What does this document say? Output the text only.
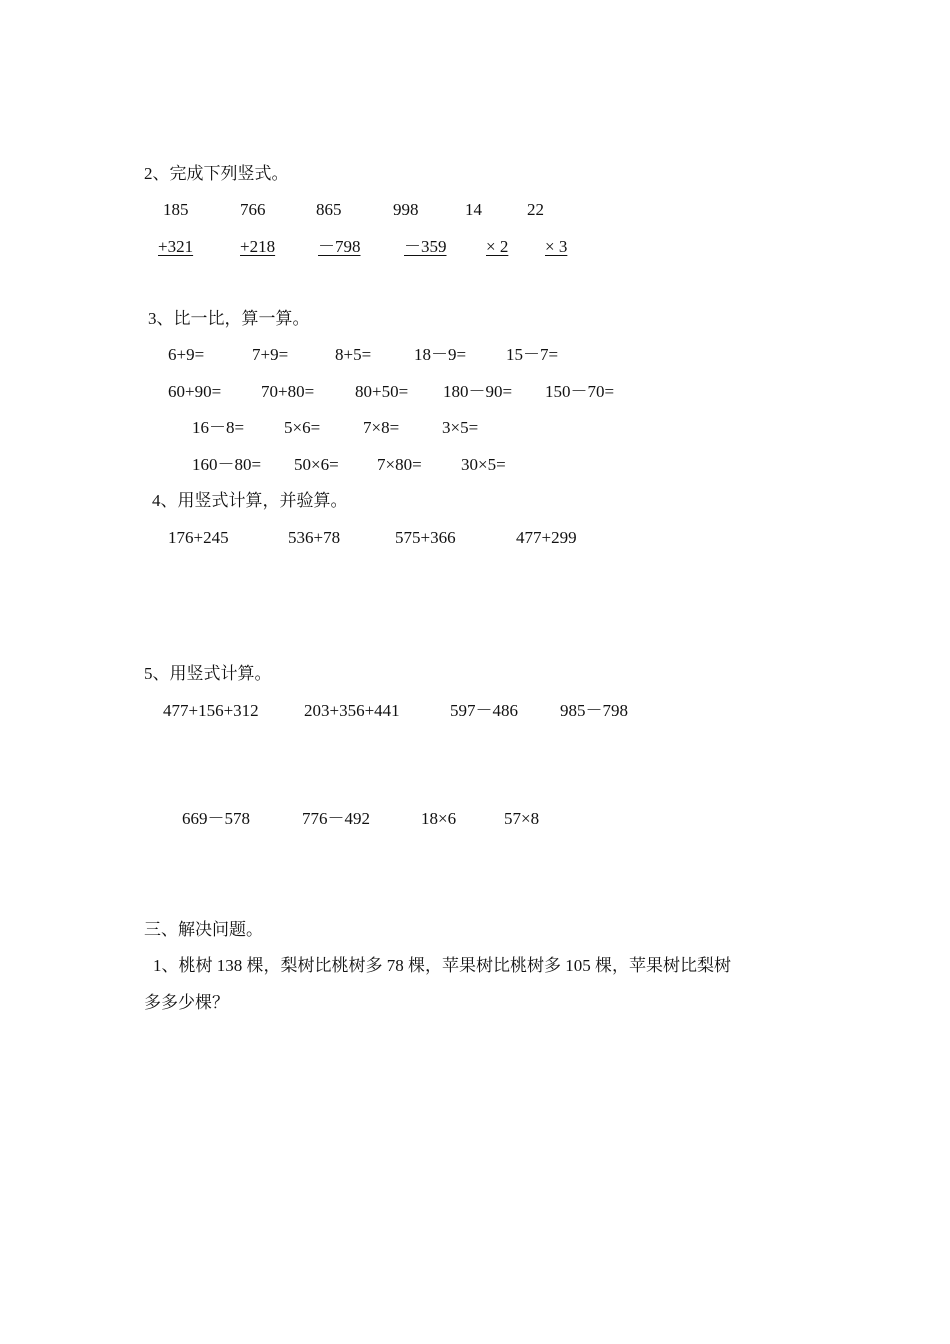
2、完成下列竖式。
185	766	865	998	14	22
+321	+218	－798	－359 × 2 × 3
3、比一比，算一算。
6+9=	7+9=	8+5=	18－9= 15－7=
60+90= 70+80= 80+50= 180－90= 150－70=
16－8= 5×6=	7×8=	3×5=
160－80= 50×6= 7×80= 30×5=
4、用竖式计算，并验算。
176+245	536+78	575+366	477+299
5、用竖式计算。
477+156+312	203+356+441	597－486 985－798
669－578	776－492	18×6	57×8
三、解决问题。
1、桃树 138 棵，梨树比桃树多 78 棵，苹果树比桃树多 105 棵，苹果树比梨树
多多少棵？
